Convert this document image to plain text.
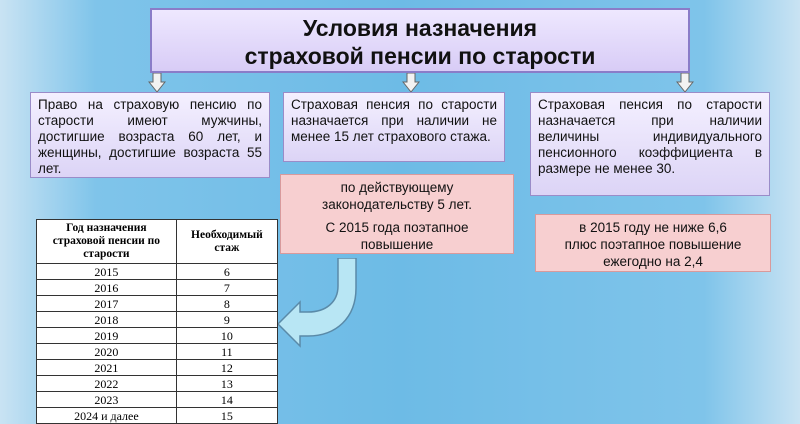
Условия назначения
страховой пенсии по старости
Право на страховую пенсию по старости имеют мужчины, достигшие возраста 60 лет, и женщины, достигшие возраста 55 лет.
Страховая пенсия по старости назначается при наличии не менее 15 лет страхового стажа.
Страховая пенсия по старости назначается при наличии величины индивидуального пенсионного коэффициента в размере не менее 30.
по действующему
законодательству 5 лет.
С 2015 года поэтапное
повышение
в 2015 году не ниже 6,6
плюс поэтапное повышение
ежегодно на 2,4
Год назначения страховой пенсии по старости	Необходимый стаж
2015	6
2016	7
2017	8
2018	9
2019	10
2020	11
2021	12
2022	13
2023	14
2024 и далее	15
